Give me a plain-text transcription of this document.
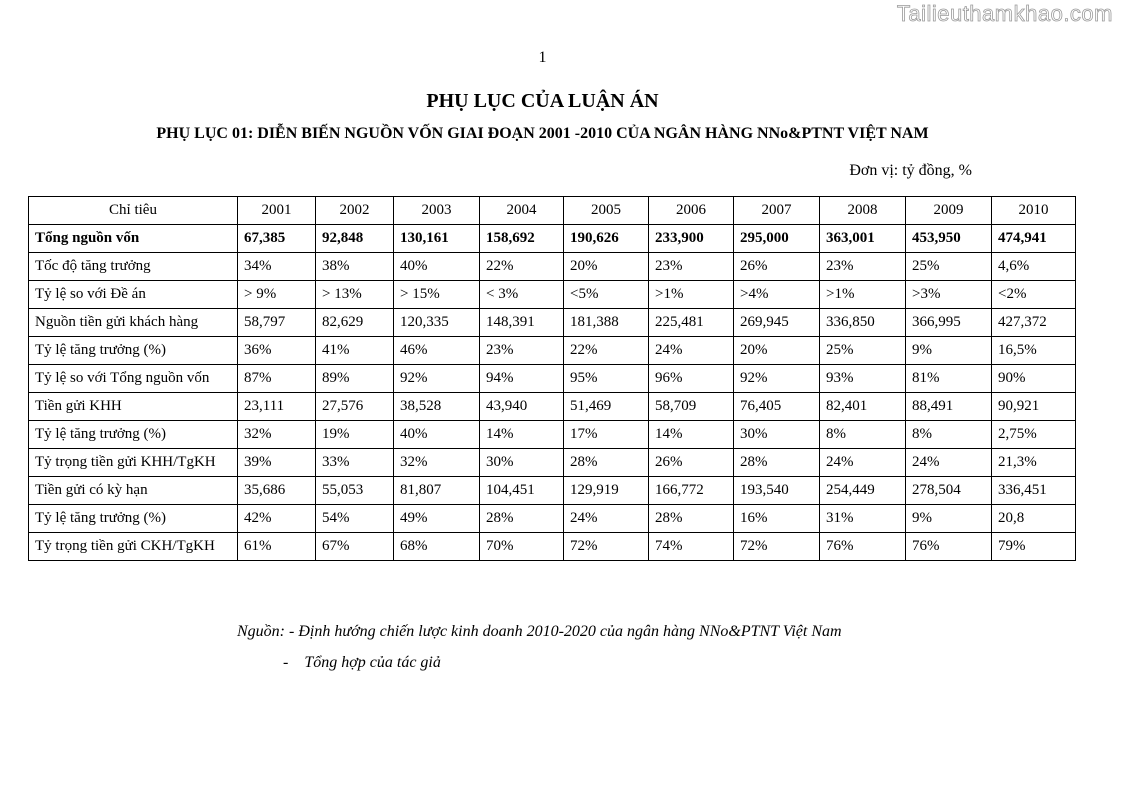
Tailieuthamkhao.com
1
PHỤ LỤC CỦA LUẬN ÁN
PHỤ LỤC 01: DIỄN BIẾN NGUỒN VỐN GIAI ĐOẠN 2001 -2010 CỦA NGÂN HÀNG NNo&PTNT VIỆT NAM
Đơn vị: tỷ đồng, %
Chỉ tiêu	2001	2002	2003	2004	2005	2006	2007	2008	2009	2010
Tổng nguồn vốn	67,385	92,848	130,161	158,692	190,626	233,900	295,000	363,001	453,950	474,941
Tốc độ tăng trưởng	34%	38%	40%	22%	20%	23%	26%	23%	25%	4,6%
Tỷ lệ so với Đề án	> 9%	> 13%	> 15%	< 3%	<5%	>1%	>4%	>1%	>3%	<2%
Nguồn tiền gửi khách hàng	58,797	82,629	120,335	148,391	181,388	225,481	269,945	336,850	366,995	427,372
Tỷ lệ tăng trưởng (%)	36%	41%	46%	23%	22%	24%	20%	25%	9%	16,5%
Tỷ lệ so với Tổng nguồn vốn	87%	89%	92%	94%	95%	96%	92%	93%	81%	90%
Tiền gửi KHH	23,111	27,576	38,528	43,940	51,469	58,709	76,405	82,401	88,491	90,921
Tỷ lệ tăng trưởng (%)	32%	19%	40%	14%	17%	14%	30%	8%	8%	2,75%
Tỷ trọng tiền gửi KHH/TgKH	39%	33%	32%	30%	28%	26%	28%	24%	24%	21,3%
Tiền gửi có kỳ hạn	35,686	55,053	81,807	104,451	129,919	166,772	193,540	254,449	278,504	336,451
Tỷ lệ tăng trưởng (%)	42%	54%	49%	28%	24%	28%	16%	31%	9%	20,8
Tỷ trọng tiền gửi CKH/TgKH	61%	67%	68%	70%	72%	74%	72%	76%	76%	79%
Nguồn: - Định hướng chiến lược kinh doanh 2010-2020 của ngân hàng NNo&PTNT Việt Nam
- Tổng hợp của tác giả
